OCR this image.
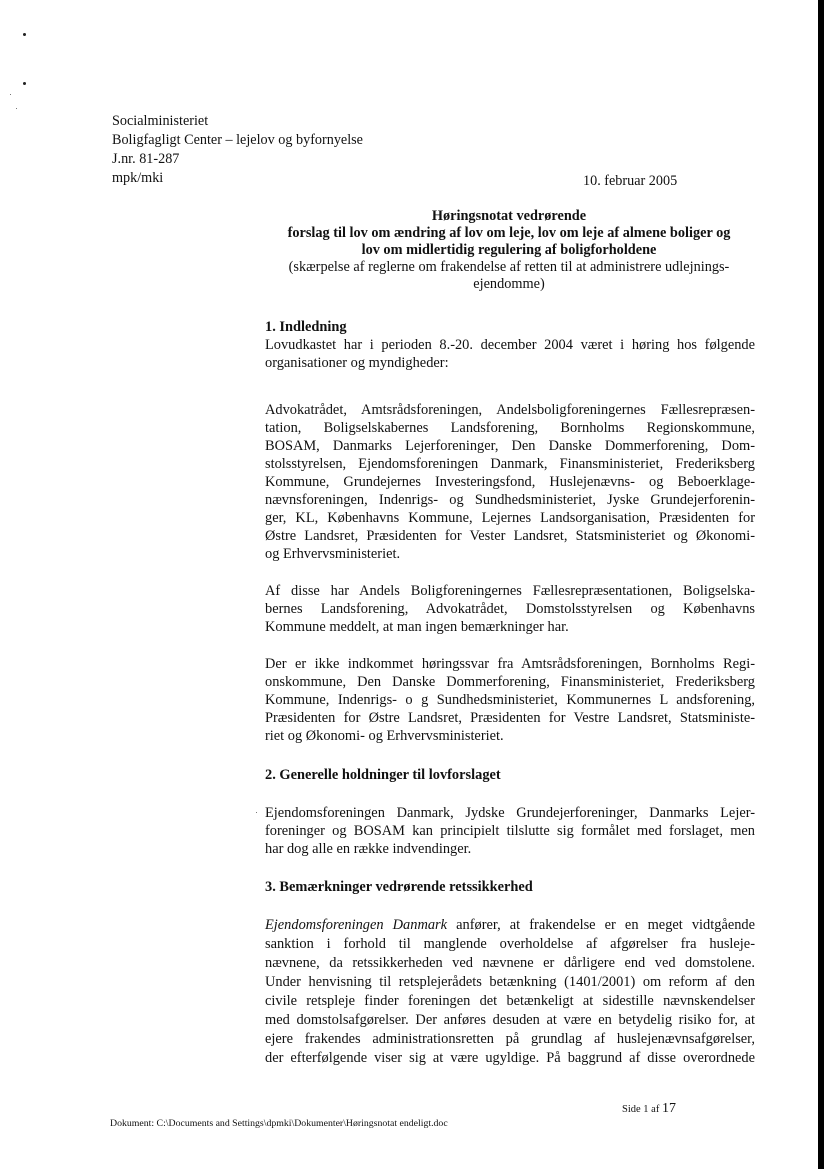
Socialministeriet
Boligfagligt Center – lejelov og byfornyelse
J.nr. 81-287
mpk/mki	10. februar 2005
Høringsnotat vedrørende
forslag til lov om ændring af lov om leje, lov om leje af almene boliger og
lov om midlertidig regulering af boligforholdene
(skærpelse af reglerne om frakendelse af retten til at administrere udlejnings-
ejendomme)

1. Indledning

Lovudkastet har i perioden 8.-20. december 2004 været i høring hos følgende
organisationer og myndigheder:

Advokatrådet, Amtsrådsforeningen, Andelsboligforeningernes Fællesrepræsen-
tation, Boligselskabernes Landsforening, Bornholms Regionskommune,
BOSAM, Danmarks Lejerforeninger, Den Danske Dommerforening, Dom-
stolsstyrelsen, Ejendomsforeningen Danmark, Finansministeriet, Frederiksberg
Kommune, Grundejernes Investeringsfond, Huslejenævns- og Beboerklage-
nævnsforeningen, Indenrigs- og Sundhedsministeriet, Jyske Grundejerforenin-
ger, KL, Københavns Kommune, Lejernes Landsorganisation, Præsidenten for
Østre Landsret, Præsidenten for Vester Landsret, Statsministeriet og Økonomi-
og Erhvervsministeriet.

Af disse har Andels Boligforeningernes Fællesrepræsentationen, Boligselska-
bernes Landsforening, Advokatrådet, Domstolsstyrelsen og Københavns
Kommune meddelt, at man ingen bemærkninger har.

Der er ikke indkommet høringssvar fra Amtsrådsforeningen, Bornholms Regi-
onskommune, Den Danske Dommerforening, Finansministeriet, Frederiksberg
Kommune, Indenrigs- o g Sundhedsministeriet, Kommunernes L andsforening,
Præsidenten for Østre Landsret, Præsidenten for Vestre Landsret, Statsministe-
riet og Økonomi- og Erhvervsministeriet.

2. Generelle holdninger til lovforslaget

Ejendomsforeningen Danmark, Jydske Grundejerforeninger, Danmarks Lejer-
foreninger og BOSAM kan principielt tilslutte sig formålet med forslaget, men
har dog alle en række indvendinger.

3. Bemærkninger vedrørende retssikkerhed

Ejendomsforeningen Danmark anfører, at frakendelse er en meget vidtgående
sanktion i forhold til manglende overholdelse af afgørelser fra husleje-
nævnene, da retssikkerheden ved nævnene er dårligere end ved domstolene.
Under henvisning til retsplejerådets betænkning (1401/2001) om reform af den
civile retspleje finder foreningen det betænkeligt at sidestille nævnskendelser
med domstolsafgørelser. Der anføres desuden at være en betydelig risiko for, at
ejere frakendes administrationsretten på grundlag af huslejenævnsafgørelser,
der efterfølgende viser sig at være ugyldige. På baggrund af disse overordnede

Side 1 af 17
Dokument: C:\Documents and Settings\dpmki\Dokumenter\Høringsnotat endeligt.doc
